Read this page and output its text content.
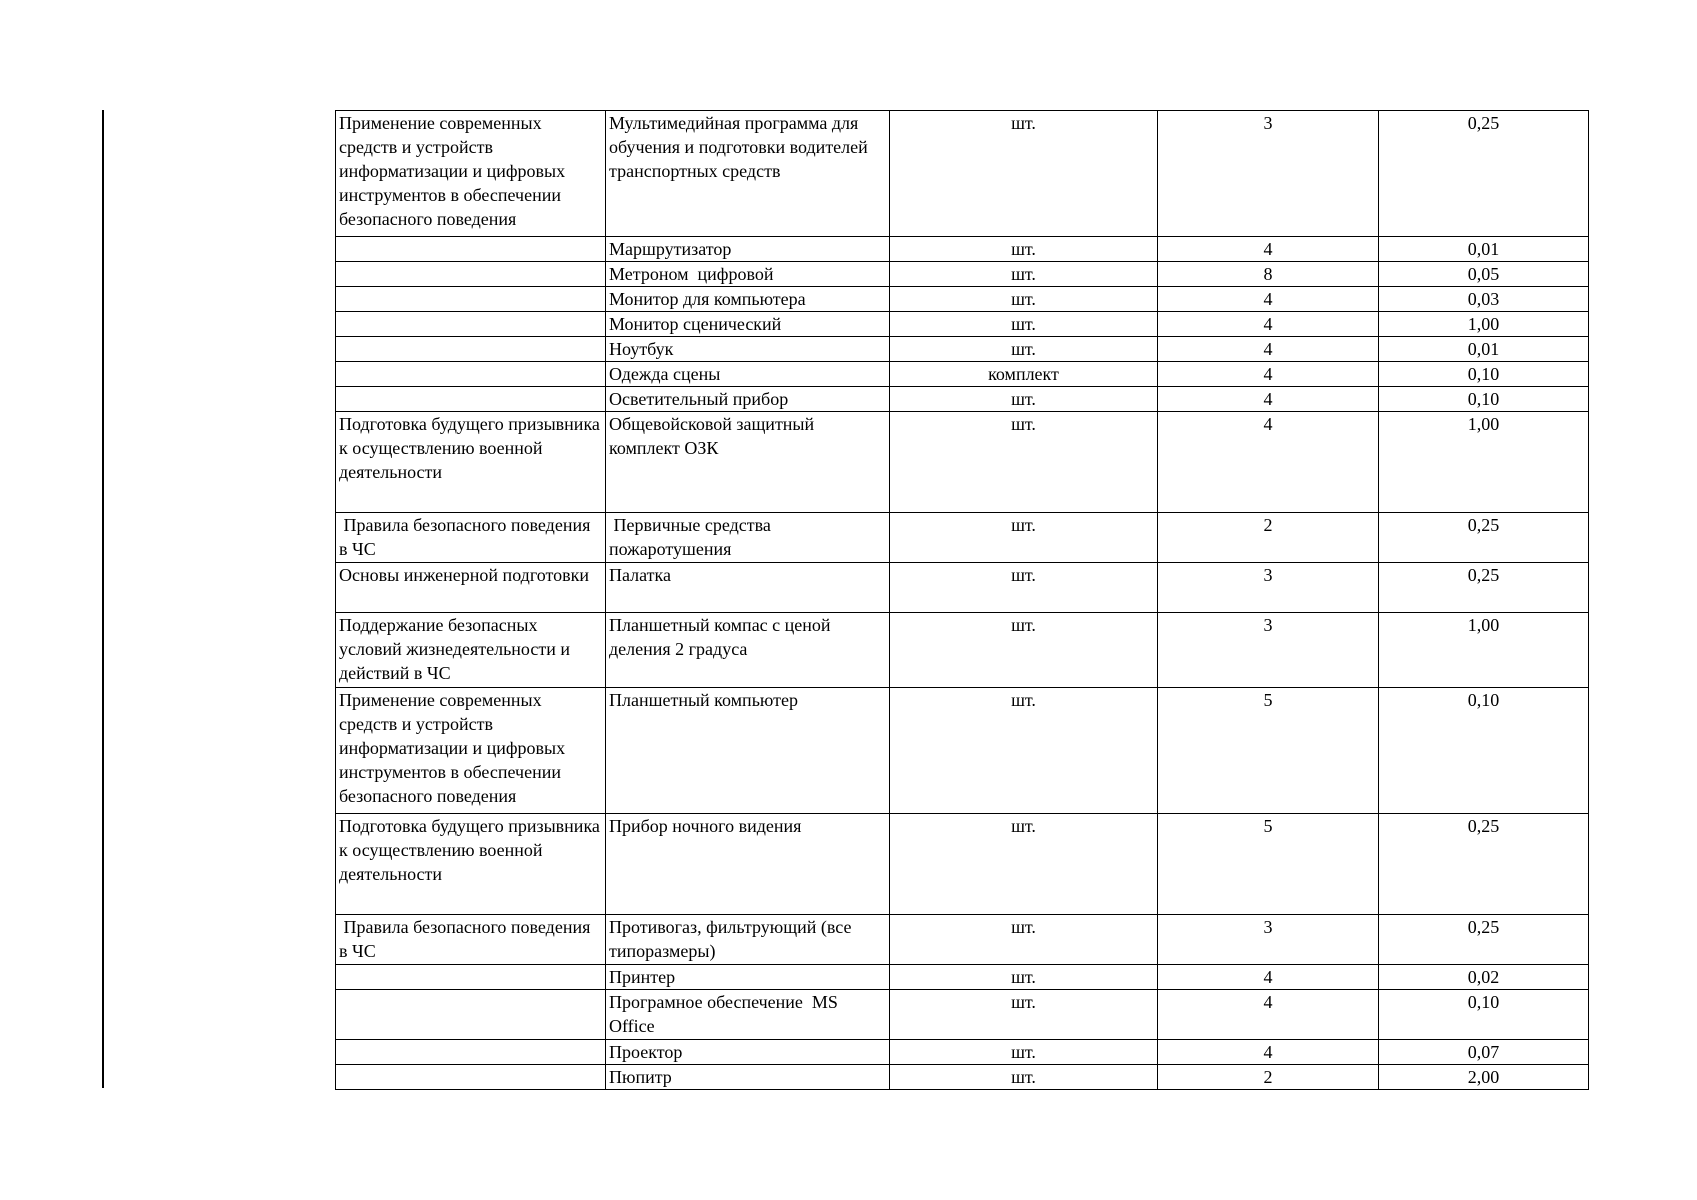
Применение современных средств и устройств информатизации и цифровых инструментов в обеспечении безопасного поведения	Мультимедийная программа для обучения и подготовки водителей транспортных средств	шт.	3	0,25
	Маршрутизатор	шт.	4	0,01
	Метроном  цифровой	шт.	8	0,05
	Монитор для компьютера	шт.	4	0,03
	Монитор сценический	шт.	4	1,00
	Ноутбук	шт.	4	0,01
	Одежда сцены	комплект	4	0,10
	Осветительный прибор	шт.	4	0,10
Подготовка будущего призывника к осуществлению военной деятельности	Общевойсковой защитный комплект ОЗК	шт.	4	1,00
Правила безопасного поведения в ЧС	Первичные средства пожаротушения	шт.	2	0,25
Основы инженерной подготовки	Палатка	шт.	3	0,25
Поддержание безопасных условий жизнедеятельности и действий в ЧС	Планшетный компас с ценой деления 2 градуса	шт.	3	1,00
Применение современных средств и устройств информатизации и цифровых инструментов в обеспечении безопасного поведения	Планшетный компьютер	шт.	5	0,10
Подготовка будущего призывника к осуществлению военной деятельности	Прибор ночного видения	шт.	5	0,25
Правила безопасного поведения в ЧС	Противогаз, фильтрующий (все типоразмеры)	шт.	3	0,25
	Принтер	шт.	4	0,02
	Програмное обеспечение  MS Office	шт.	4	0,10
	Проектор	шт.	4	0,07
	Пюпитр	шт.	2	2,00
